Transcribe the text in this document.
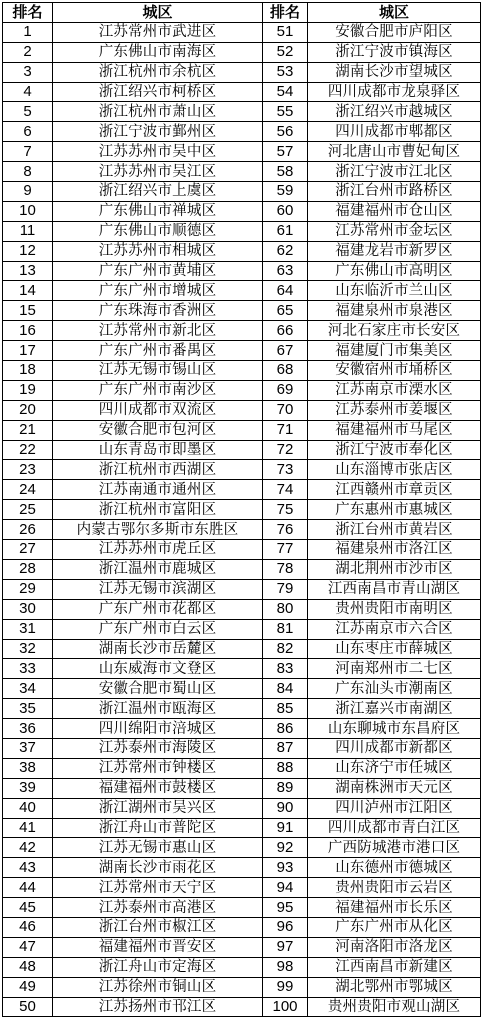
排名	城区	排名	城区
1	江苏常州市武进区	51	安徽合肥市庐阳区
2	广东佛山市南海区	52	浙江宁波市镇海区
3	浙江杭州市余杭区	53	湖南长沙市望城区
4	浙江绍兴市柯桥区	54	四川成都市龙泉驿区
5	浙江杭州市萧山区	55	浙江绍兴市越城区
6	浙江宁波市鄞州区	56	四川成都市郫都区
7	江苏苏州市吴中区	57	河北唐山市曹妃甸区
8	江苏苏州市吴江区	58	浙江宁波市江北区
9	浙江绍兴市上虞区	59	浙江台州市路桥区
10	广东佛山市禅城区	60	福建福州市仓山区
11	广东佛山市顺德区	61	江苏常州市金坛区
12	江苏苏州市相城区	62	福建龙岩市新罗区
13	广东广州市黄埔区	63	广东佛山市高明区
14	广东广州市增城区	64	山东临沂市兰山区
15	广东珠海市香洲区	65	福建泉州市泉港区
16	江苏常州市新北区	66	河北石家庄市长安区
17	广东广州市番禺区	67	福建厦门市集美区
18	江苏无锡市锡山区	68	安徽宿州市埇桥区
19	广东广州市南沙区	69	江苏南京市溧水区
20	四川成都市双流区	70	江苏泰州市姜堰区
21	安徽合肥市包河区	71	福建福州市马尾区
22	山东青岛市即墨区	72	浙江宁波市奉化区
23	浙江杭州市西湖区	73	山东淄博市张店区
24	江苏南通市通州区	74	江西赣州市章贡区
25	浙江杭州市富阳区	75	广东惠州市惠城区
26	内蒙古鄂尔多斯市东胜区	76	浙江台州市黄岩区
27	江苏苏州市虎丘区	77	福建泉州市洛江区
28	浙江温州市鹿城区	78	湖北荆州市沙市区
29	江苏无锡市滨湖区	79	江西南昌市青山湖区
30	广东广州市花都区	80	贵州贵阳市南明区
31	广东广州市白云区	81	江苏南京市六合区
32	湖南长沙市岳麓区	82	山东枣庄市薛城区
33	山东威海市文登区	83	河南郑州市二七区
34	安徽合肥市蜀山区	84	广东汕头市潮南区
35	浙江温州市瓯海区	85	浙江嘉兴市南湖区
36	四川绵阳市涪城区	86	山东聊城市东昌府区
37	江苏泰州市海陵区	87	四川成都市新都区
38	江苏常州市钟楼区	88	山东济宁市任城区
39	福建福州市鼓楼区	89	湖南株洲市天元区
40	浙江湖州市吴兴区	90	四川泸州市江阳区
41	浙江舟山市普陀区	91	四川成都市青白江区
42	江苏无锡市惠山区	92	广西防城港市港口区
43	湖南长沙市雨花区	93	山东德州市德城区
44	江苏常州市天宁区	94	贵州贵阳市云岩区
45	江苏泰州市高港区	95	福建福州市长乐区
46	浙江台州市椒江区	96	广东广州市从化区
47	福建福州市晋安区	97	河南洛阳市洛龙区
48	浙江舟山市定海区	98	江西南昌市新建区
49	江苏徐州市铜山区	99	湖北鄂州市鄂城区
50	江苏扬州市邗江区	100	贵州贵阳市观山湖区
